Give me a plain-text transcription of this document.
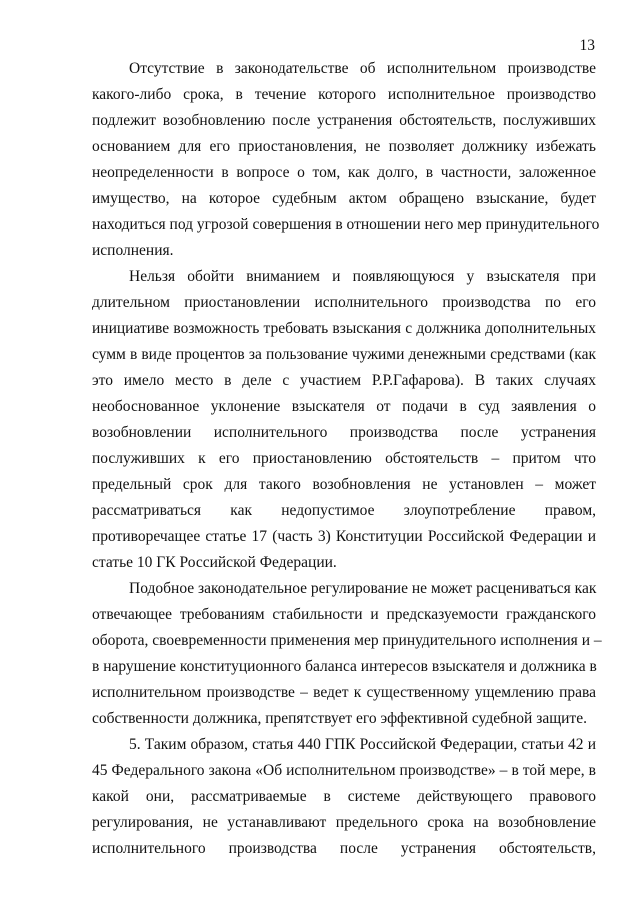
13
Отсутствие в законодательстве об исполнительном производстве
какого-либо срока, в течение которого исполнительное производство
подлежит возобновлению после устранения обстоятельств, послуживших
основанием для его приостановления, не позволяет должнику избежать
неопределенности в вопросе о том, как долго, в частности, заложенное
имущество, на которое судебным актом обращено взыскание, будет
находиться под угрозой совершения в отношении него мер принудительного
исполнения.
Нельзя обойти вниманием и появляющуюся у взыскателя при
длительном приостановлении исполнительного производства по его
инициативе возможность требовать взыскания с должника дополнительных
сумм в виде процентов за пользование чужими денежными средствами (как
это имело место в деле с участием Р.Р.Гафарова). В таких случаях
необоснованное уклонение взыскателя от подачи в суд заявления о
возобновлении исполнительного производства после устранения
послуживших к его приостановлению обстоятельств – притом что
предельный срок для такого возобновления не установлен – может
рассматриваться как недопустимое злоупотребление правом,
противоречащее статье 17 (часть 3) Конституции Российской Федерации и
статье 10 ГК Российской Федерации.
Подобное законодательное регулирование не может расцениваться как
отвечающее требованиям стабильности и предсказуемости гражданского
оборота, своевременности применения мер принудительного исполнения и –
в нарушение конституционного баланса интересов взыскателя и должника в
исполнительном производстве – ведет к существенному ущемлению права
собственности должника, препятствует его эффективной судебной защите.
5. Таким образом, статья 440 ГПК Российской Федерации, статьи 42 и
45 Федерального закона «Об исполнительном производстве» – в той мере, в
какой они, рассматриваемые в системе действующего правового
регулирования, не устанавливают предельного срока на возобновление
исполнительного производства после устранения обстоятельств,
